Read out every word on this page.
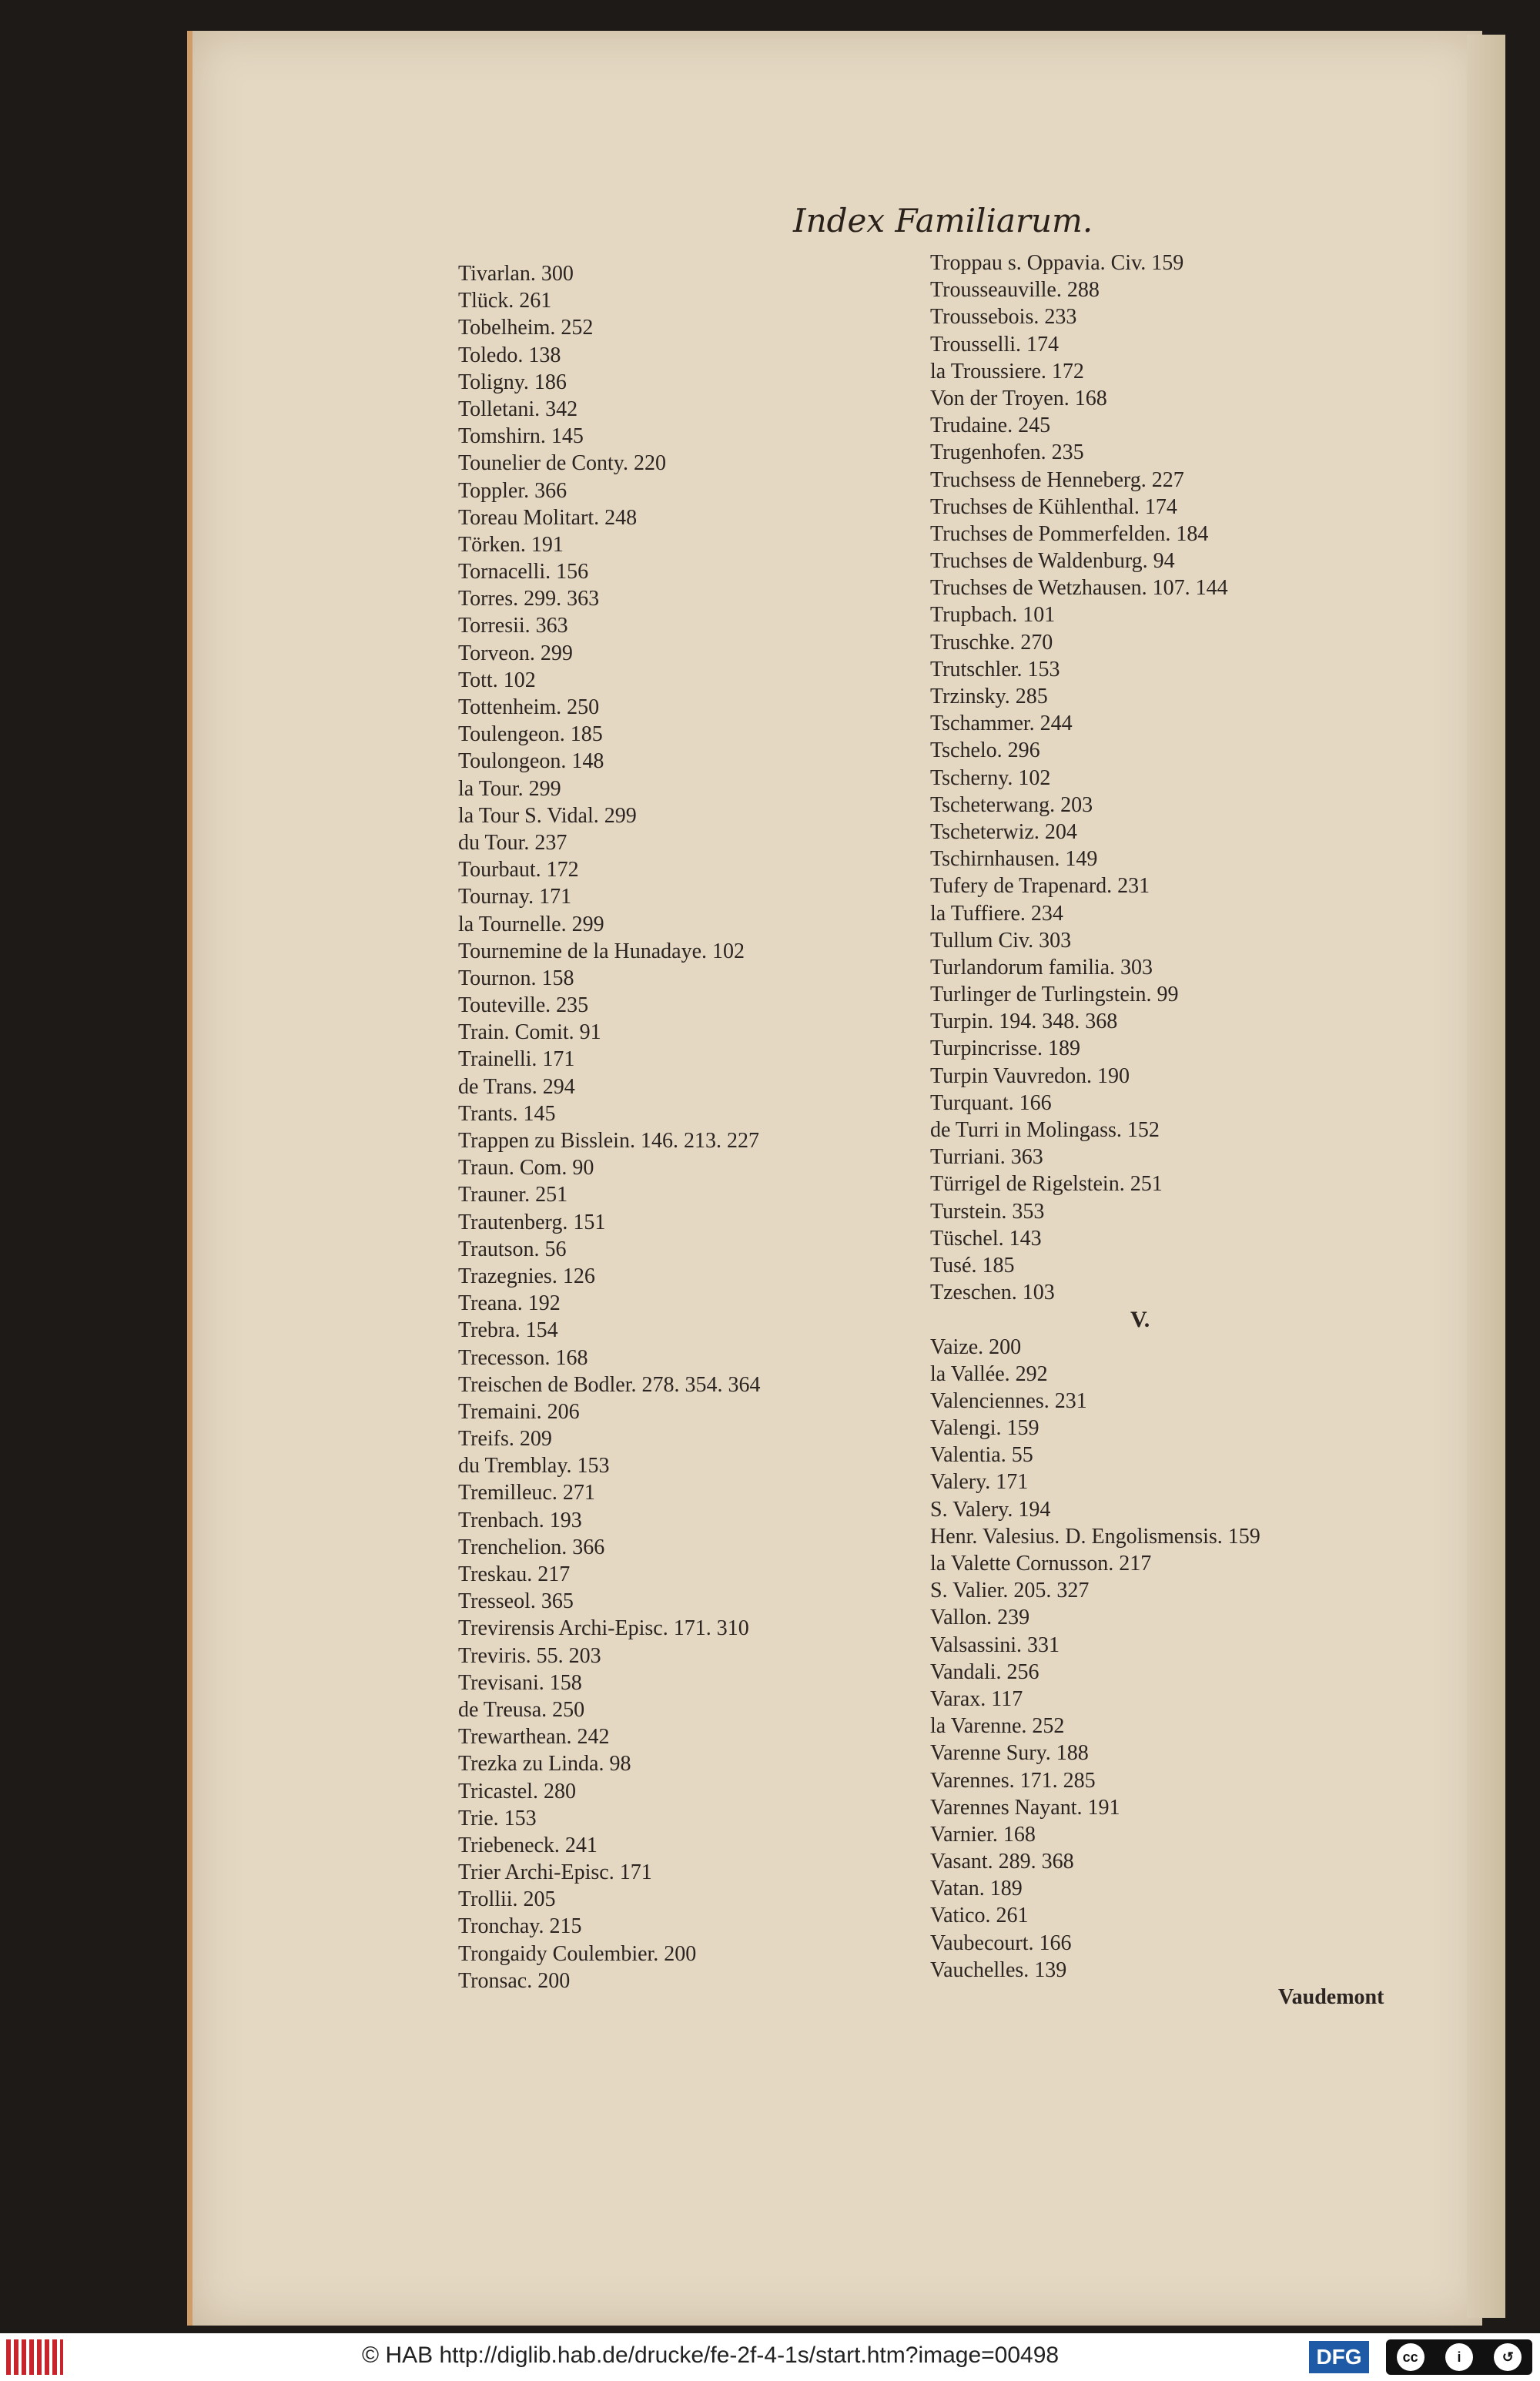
Index Familiarum.
Tivarlan. 300
Tlück. 261
Tobelheim. 252
Toledo. 138
Toligny. 186
Tolletani. 342
Tomshirn. 145
Tounelier de Conty. 220
Toppler. 366
Toreau Molitart. 248
Törken. 191
Tornacelli. 156
Torres. 299. 363
Torresii. 363
Torveon. 299
Tott. 102
Tottenheim. 250
Toulengeon. 185
Toulongeon. 148
la Tour. 299
la Tour S. Vidal. 299
du Tour. 237
Tourbaut. 172
Tournay. 171
la Tournelle. 299
Tournemine de la Hunadaye. 102
Tournon. 158
Touteville. 235
Train. Comit. 91
Trainelli. 171
de Trans. 294
Trants. 145
Trappen zu Bisslein. 146. 213. 227
Traun. Com. 90
Trauner. 251
Trautenberg. 151
Trautson. 56
Trazegnies. 126
Treana. 192
Trebra. 154
Trecesson. 168
Treischen de Bodler. 278. 354. 364
Tremaini. 206
Treifs. 209
du Tremblay. 153
Tremilleuc. 271
Trenbach. 193
Trenchelion. 366
Treskau. 217
Tresseol. 365
Trevirensis Archi-Episc. 171. 310
Treviris. 55. 203
Trevisani. 158
de Treusa. 250
Trewarthean. 242
Trezka zu Linda. 98
Tricastel. 280
Trie. 153
Triebeneck. 241
Trier Archi-Episc. 171
Trollii. 205
Tronchay. 215
Trongaidy Coulembier. 200
Tronsac. 200
Troppau s. Oppavia. Civ. 159
Trousseauville. 288
Troussebois. 233
Trousselli. 174
la Troussiere. 172
Von der Troyen. 168
Trudaine. 245
Trugenhofen. 235
Truchsess de Henneberg. 227
Truchses de Kühlenthal. 174
Truchses de Pommerfelden. 184
Truchses de Waldenburg. 94
Truchses de Wetzhausen. 107. 144
Trupbach. 101
Truschke. 270
Trutschler. 153
Trzinsky. 285
Tschammer. 244
Tschelo. 296
Tscherny. 102
Tscheterwang. 203
Tscheterwiz. 204
Tschirnhausen. 149
Tufery de Trapenard. 231
la Tuffiere. 234
Tullum Civ. 303
Turlandorum familia. 303
Turlinger de Turlingstein. 99
Turpin. 194. 348. 368
Turpincrisse. 189
Turpin Vauvredon. 190
Turquant. 166
de Turri in Molingass. 152
Turriani. 363
Türrigel de Rigelstein. 251
Turstein. 353
Tüschel. 143
Tusé. 185
Tzeschen. 103
V.
Vaize. 200
la Vallée. 292
Valenciennes. 231
Valengi. 159
Valentia. 55
Valery. 171
S. Valery. 194
Henr. Valesius. D. Engolismensis. 159
la Valette Cornusson. 217
S. Valier. 205. 327
Vallon. 239
Valsassini. 331
Vandali. 256
Varax. 117
la Varenne. 252
Varenne Sury. 188
Varennes. 171. 285
Varennes Nayant. 191
Varnier. 168
Vasant. 289. 368
Vatan. 189
Vatico. 261
Vaubecourt. 166
Vauchelles. 139
Vaudemont
© HAB http://diglib.hab.de/drucke/fe-2f-4-1s/start.htm?image=00498	DFG	cc	i	↺
